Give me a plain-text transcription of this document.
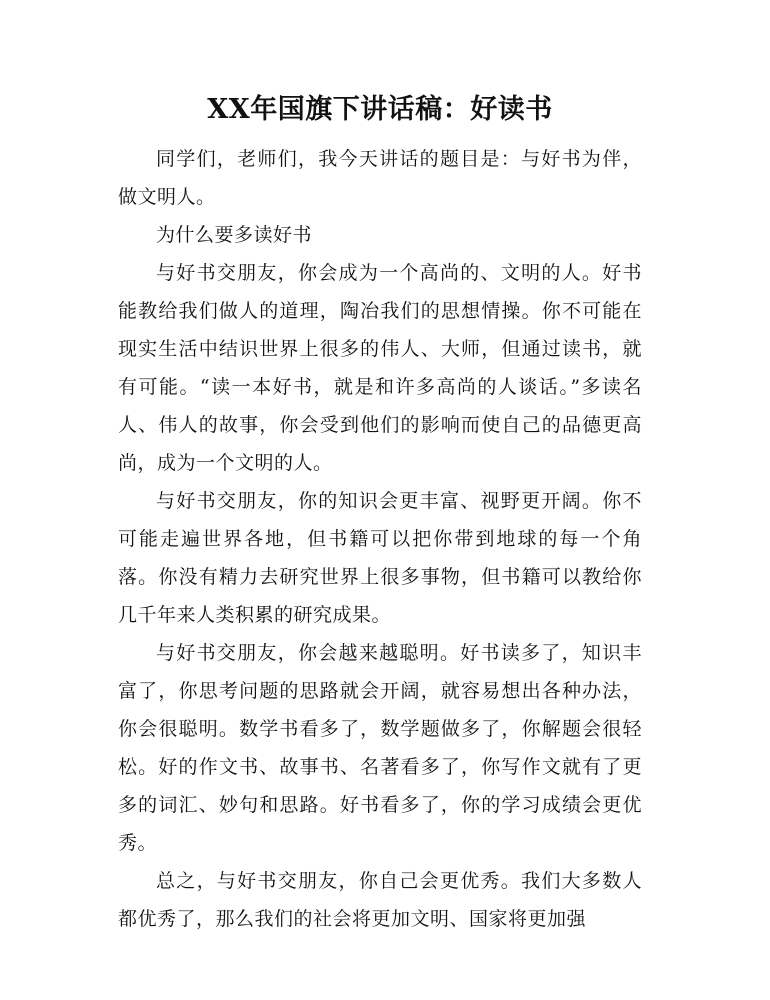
XX年国旗下讲话稿：好读书

同学们，老师们，我今天讲话的题目是：与好书为伴，做文明人。

为什么要多读好书

与好书交朋友，你会成为一个高尚的、文明的人。好书能教给我们做人的道理，陶冶我们的思想情操。你不可能在现实生活中结识世界上很多的伟人、大师，但通过读书，就有可能。“读一本好书，就是和许多高尚的人谈话。”多读名人、伟人的故事，你会受到他们的影响而使自己的品德更高尚，成为一个文明的人。

与好书交朋友，你的知识会更丰富、视野更开阔。你不可能走遍世界各地，但书籍可以把你带到地球的每一个角落。你没有精力去研究世界上很多事物，但书籍可以教给你几千年来人类积累的研究成果。

与好书交朋友，你会越来越聪明。好书读多了，知识丰富了，你思考问题的思路就会开阔，就容易想出各种办法，你会很聪明。数学书看多了，数学题做多了，你解题会很轻松。好的作文书、故事书、名著看多了，你写作文就有了更多的词汇、妙句和思路。好书看多了，你的学习成绩会更优秀。

总之，与好书交朋友，你自己会更优秀。我们大多数人都优秀了，那么我们的社会将更加文明、国家将更加强
